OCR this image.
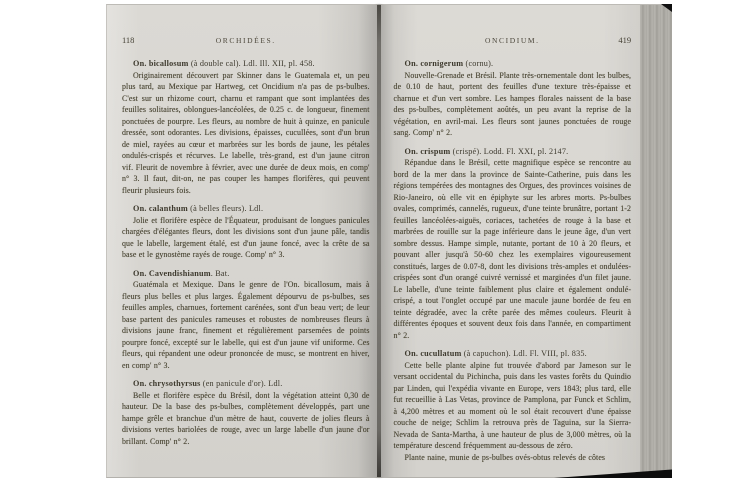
118	ORCHIDÉES.
On. bicallosum (à double cal). Ldl. Ill. XII, pl. 458.

Originairement découvert par Skinner dans le Guatemala et, un peu plus tard, au Mexique par Hartweg, cet Oncidium n'a pas de ps-bulbes. C'est sur un rhizome court, charnu et rampant que sont implantées des feuilles solitaires, oblongues-lancéolées, de 0.25 c. de longueur, finement ponctuées de pourpre. Les fleurs, au nombre de huit à quinze, en panicule dressée, sont odorantes. Les divisions, épaisses, cucullées, sont d'un brun de miel, rayées au cœur et marbrées sur les bords de jaune, les pétales ondulés-crispés et récurves. Le labelle, très-grand, est d'un jaune citron vif. Fleurit de novembre à février, avec une durée de deux mois, en comp' n° 3. Il faut, dit-on, ne pas couper les hampes florifères, qui peuvent fleurir plusieurs fois.

On. calanthum (à belles fleurs). Ldl.

Jolie et florifère espèce de l'Équateur, produisant de longues panicules chargées d'élégantes fleurs, dont les divisions sont d'un jaune pâle, tandis que le labelle, largement étalé, est d'un jaune foncé, avec la crête de sa base et le gynostème rayés de rouge. Comp' n° 3.

On. Cavendishianum. Bat.

Guatémala et Mexique. Dans le genre de l'On. bicallosum, mais à fleurs plus belles et plus larges. Également dépourvu de ps-bulbes, ses feuilles amples, charnues, fortement carénées, sont d'un beau vert; de leur base partent des panicules rameuses et robustes de nombreuses fleurs à divisions jaune franc, finement et régulièrement parsemées de points pourpre foncé, excepté sur le labelle, qui est d'un jaune vif uniforme. Ces fleurs, qui répandent une odeur prononcée de musc, se montrent en hiver, en comp' n° 3.

On. chrysothyrsus (en panicule d'or). Ldl.

Belle et florifère espèce du Brésil, dont la végétation atteint 0,30 de hauteur. De la base des ps-bulbes, complètement développés, part une hampe grêle et branchue d'un mètre de haut, couverte de jolies fleurs à divisions vertes bariolées de rouge, avec un large labelle d'un jaune d'or brillant. Comp' n° 2.

ONCIDIUM.	419
On. cornigerum (cornu).

Nouvelle-Grenade et Brésil. Plante très-ornementale dont les bulbes, de 0.10 de haut, portent des feuilles d'une texture très-épaisse et charnue et d'un vert sombre. Les hampes florales naissent de la base des ps-bulbes, complètement aoûtés, un peu avant la reprise de la végétation, en avril-mai. Les fleurs sont jaunes ponctuées de rouge sang. Comp' n° 2.

On. crispum (crispé). Lodd. Fl. XXI, pl. 2147.

Répandue dans le Brésil, cette magnifique espèce se rencontre au bord de la mer dans la province de Sainte-Catherine, puis dans les régions tempérées des montagnes des Orgues, des provinces voisines de Rio-Janeiro, où elle vit en épiphyte sur les arbres morts. Ps-bulbes ovales, comprimés, cannelés, rugueux, d'une teinte brunâtre, portant 1-2 feuilles lancéolées-aiguës, coriaces, tachetées de rouge à la base et marbrées de rouille sur la page inférieure dans le jeune âge, d'un vert sombre dessus. Hampe simple, nutante, portant de 10 à 20 fleurs, et pouvant aller jusqu'à 50-60 chez les exemplaires vigoureusement constitués, larges de 0.07-8, dont les divisions très-amples et ondulées-crispées sont d'un orangé cuivré vernissé et marginées d'un filet jaune. Le labelle, d'une teinte faiblement plus claire et également ondulé-crispé, a tout l'onglet occupé par une macule jaune bordée de feu en teinte dégradée, avec la crête parée des mêmes couleurs. Fleurit à différentes époques et souvent deux fois dans l'année, en compartiment n° 2.

On. cucullatum (à capuchon). Ldl. Fl. VIII, pl. 835.

Cette belle plante alpine fut trouvée d'abord par Jameson sur le versant occidental du Pichincha, puis dans les vastes forêts du Quindio par Linden, qui l'expédia vivante en Europe, vers 1843; plus tard, elle fut recueillie à Las Vetas, province de Pamplona, par Funck et Schlim, à 4,200 mètres et au moment où le sol était recouvert d'une épaisse couche de neige; Schlim la retrouva près de Taguina, sur la Sierra-Nevada de Santa-Martha, à une hauteur de plus de 3,000 mètres, où la température descend fréquemment au-dessous de zéro.

Plante naine, munie de ps-bulbes ovés-obtus relevés de côtes
